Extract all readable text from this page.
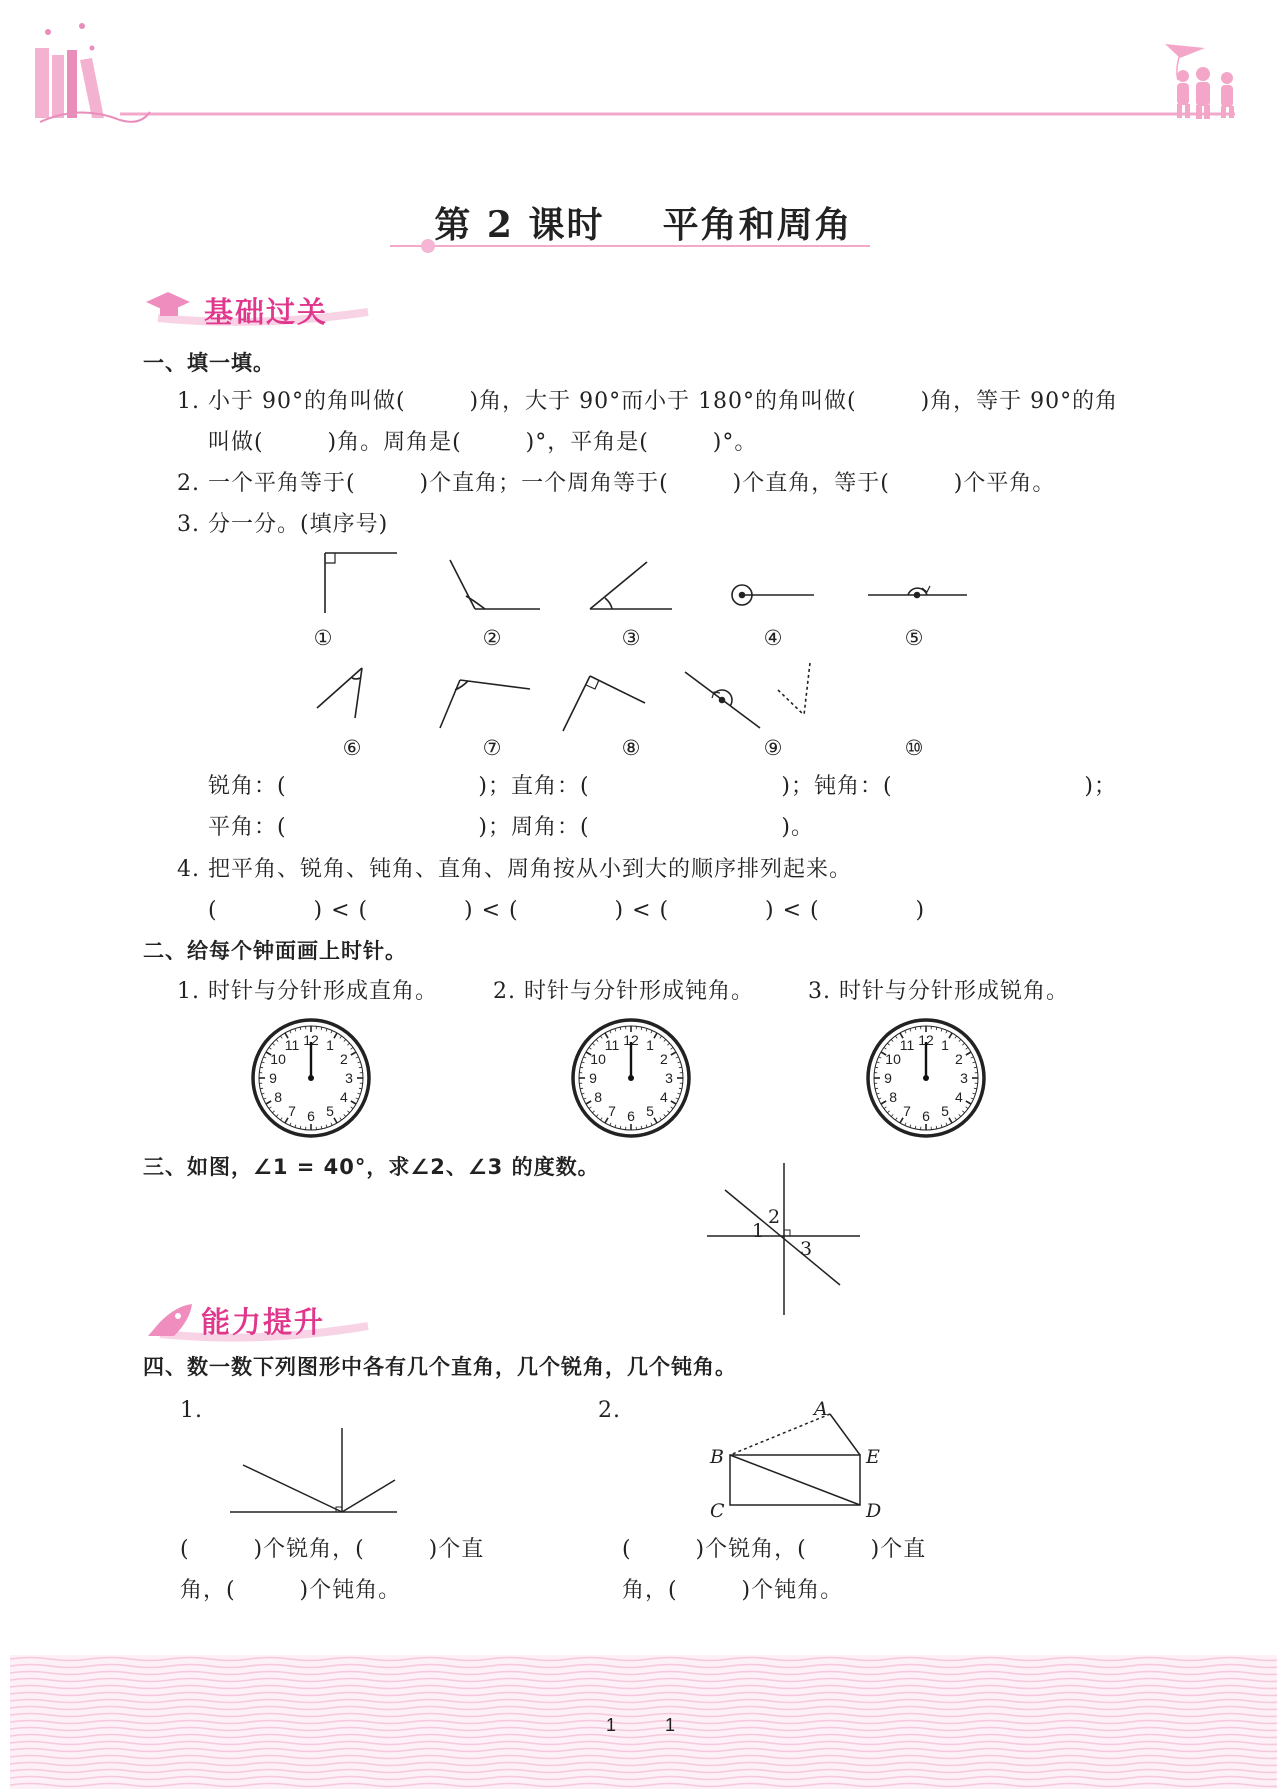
第 2 课时 平角和周角
基础过关
一、填一填。
1. 小于 90°的角叫做(        )角，大于 90°而小于 180°的角叫做(        )角，等于 90°的角
叫做(        )角。周角是(        )°，平角是(        )°。
2. 一个平角等于(        )个直角；一个周角等于(        )个直角，等于(        )个平角。
3. 分一分。(填序号)
①	②	③	④	⑤
⑥	⑦	⑧	⑨	⑩
锐角：(                        )；直角：(                        )；钝角：(                        )；
平角：(                        )；周角：(                        )。
4. 把平角、锐角、钝角、直角、周角按从小到大的顺序排列起来。
(            ) < (            ) < (            ) < (            ) < (            )
二、给每个钟面画上时针。
1. 时针与分针形成直角。	2. 时针与分针形成钝角。 3. 时针与分针形成锐角。
12 1
2
3
4
5
6
7
8
9
10
11	12 1
2
3
4
5
6
7
8
9
10
11	12 1
2
3
4
5
6
7
8
9
10
11
三、如图，∠1 = 40°，求∠2、∠3 的度数。
1
2
3
能力提升
四、数一数下列图形中各有几个直角，几个锐角，几个钝角。
1.	2.	A
B	E
C	D
(        )个锐角，(        )个直
角，(        )个钝角。
(        )个锐角，(        )个直
角，(        )个钝角。
1        1
